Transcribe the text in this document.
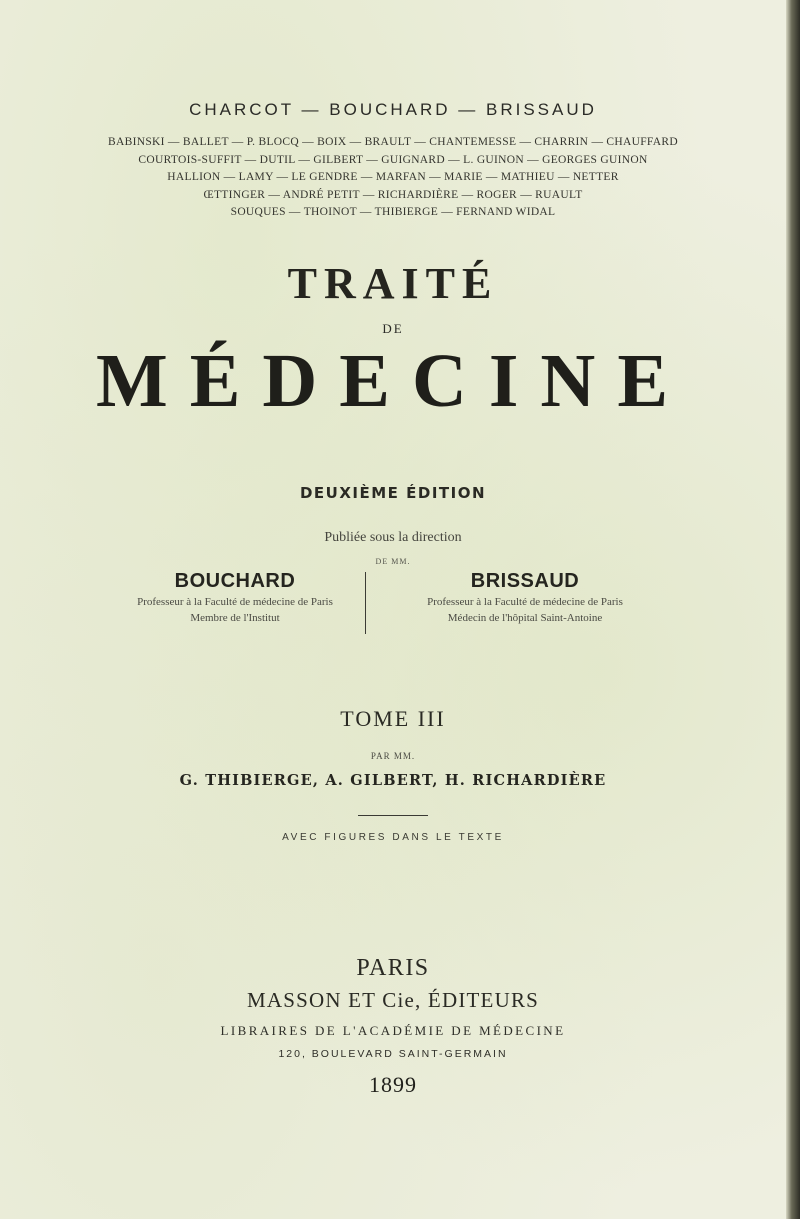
CHARCOT — BOUCHARD — BRISSAUD
BABINSKI — BALLET — P. BLOCQ — BOIX — BRAULT — CHANTEMESSE — CHARRIN — CHAUFFARD
COURTOIS-SUFFIT — DUTIL — GILBERT — GUIGNARD — L. GUINON — GEORGES GUINON
HALLION — LAMY — LE GENDRE — MARFAN — MARIE — MATHIEU — NETTER
ŒTTINGER — ANDRÉ PETIT — RICHARDIÈRE — ROGER — RUAULT
SOUQUES — THOINOT — THIBIERGE — FERNAND WIDAL
TRAITÉ
DE
MÉDECINE
DEUXIÈME ÉDITION
Publiée sous la direction
DE MM.
BOUCHARD
Professeur à la Faculté de médecine de Paris
Membre de l'Institut
BRISSAUD
Professeur à la Faculté de médecine de Paris
Médecin de l'hôpital Saint-Antoine
TOME III
PAR MM.
G. THIBIERGE, A. GILBERT, H. RICHARDIÈRE
AVEC FIGURES DANS LE TEXTE
PARIS
MASSON ET Cie, ÉDITEURS
LIBRAIRES DE L'ACADÉMIE DE MÉDECINE
120, BOULEVARD SAINT-GERMAIN
1899
